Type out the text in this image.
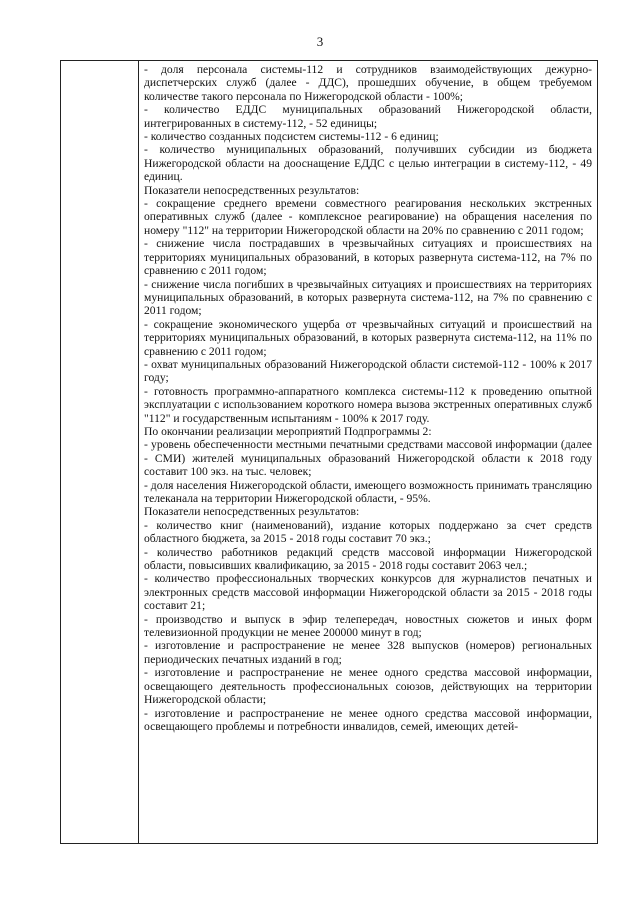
3

- доля персонала системы-112 и сотрудников взаимодействующих дежурно-диспетчерских служб (далее - ДДС), прошедших обучение, в общем требуемом количестве такого персонала по Нижегородской области - 100%;

- количество ЕДДС муниципальных образований Нижегородской области, интегрированных в систему-112, - 52 единицы;

- количество созданных подсистем системы-112 - 6 единиц;

- количество муниципальных образований, получивших субсидии из бюджета Нижегородской области на дооснащение ЕДДС с целью интеграции в систему-112, - 49 единиц.

Показатели непосредственных результатов:

- сокращение среднего времени совместного реагирования нескольких экстренных оперативных служб (далее - комплексное реагирование) на обращения населения по номеру "112" на территории Нижегородской области на 20% по сравнению с 2011 годом;

- снижение числа пострадавших в чрезвычайных ситуациях и происшествиях на территориях муниципальных образований, в которых развернута система-112, на 7% по сравнению с 2011 годом;

- снижение числа погибших в чрезвычайных ситуациях и происшествиях на территориях муниципальных образований, в которых развернута система-112, на 7% по сравнению с 2011 годом;

- сокращение экономического ущерба от чрезвычайных ситуаций и происшествий на территориях муниципальных образований, в которых развернута система-112, на 11% по сравнению с 2011 годом;

- охват муниципальных образований Нижегородской области системой-112 - 100% к 2017 году;

- готовность программно-аппаратного комплекса системы-112 к проведению опытной эксплуатации с использованием короткого номера вызова экстренных оперативных служб "112" и государственным испытаниям - 100% к 2017 году.

По окончании реализации мероприятий Подпрограммы 2:

- уровень обеспеченности местными печатными средствами массовой информации (далее - СМИ) жителей муниципальных образований Нижегородской области к 2018 году составит 100 экз. на тыс. человек;

- доля населения Нижегородской области, имеющего возможность принимать трансляцию телеканала на территории Нижегородской области, - 95%.

Показатели непосредственных результатов:

- количество книг (наименований), издание которых поддержано за счет средств областного бюджета, за 2015 - 2018 годы составит 70 экз.;

- количество работников редакций средств массовой информации Нижегородской области, повысивших квалификацию, за 2015 - 2018 годы составит 2063 чел.;

- количество профессиональных творческих конкурсов для журналистов печатных и электронных средств массовой информации Нижегородской области за 2015 - 2018 годы составит 21;

- производство и выпуск в эфир телепередач, новостных сюжетов и иных форм телевизионной продукции не менее 200000 минут в год;

- изготовление и распространение не менее 328 выпусков (номеров) региональных периодических печатных изданий в год;

- изготовление и распространение не менее одного средства массовой информации, освещающего деятельность профессиональных союзов, действующих на территории Нижегородской области;

- изготовление и распространение не менее одного средства массовой информации, освещающего проблемы и потребности инвалидов, семей, имеющих детей-
